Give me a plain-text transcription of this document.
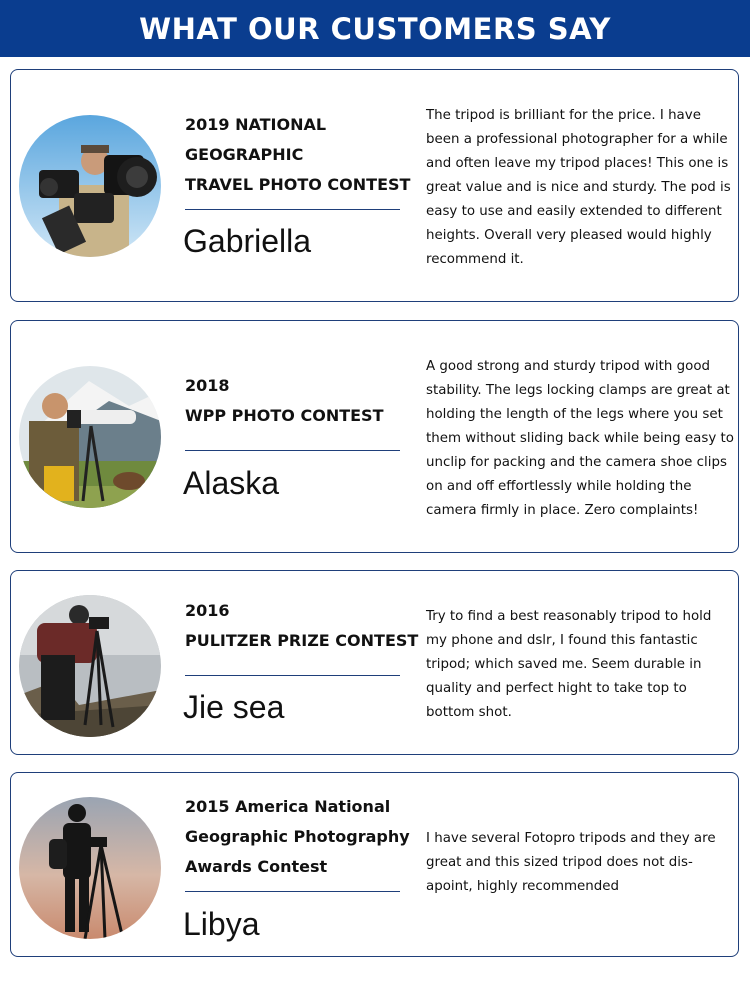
WHAT OUR CUSTOMERS SAY
2019 NATIONAL
GEOGRAPHIC
TRAVEL PHOTO CONTEST
Gabriella
The tripod is brilliant for the price. I have been a professional photographer for a while and often leave my tripod places! This one is great value and is nice and sturdy. The pod is easy to use and easily extended to different heights. Overall very pleased would highly recommend it.
2018
WPP PHOTO CONTEST
Alaska
A good strong and sturdy tripod with good stability. The legs locking clamps are great at holding the length of the legs where you set them without sliding back while being easy to unclip for packing and the camera shoe clips on and off effortlessly while holding the camera firmly in place. Zero complaints!
2016
PULITZER PRIZE CONTEST
Jie sea
Try to find a best reasonably tripod to hold my phone and dslr, I found this fantastic tripod; which saved me. Seem durable in quality and perfect hight to take top to bottom shot.
2015 America National
Geographic Photography
Awards Contest
Libya
I have several Fotopro tripods and they are great and this sized tripod does not dis-apoint, highly recommended
